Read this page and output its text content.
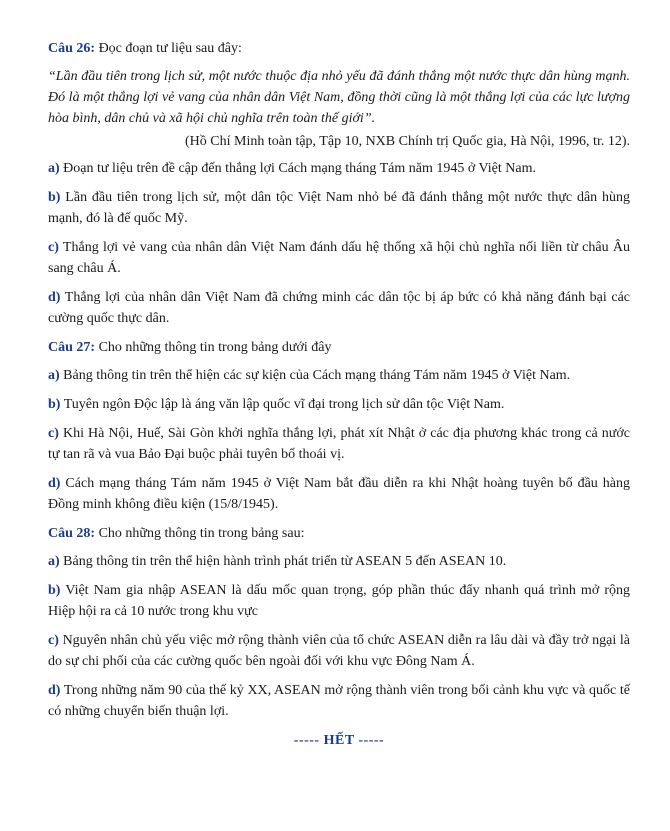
Câu 26: Đọc đoạn tư liệu sau đây:

“Lần đầu tiên trong lịch sử, một nước thuộc địa nhỏ yếu đã đánh thắng một nước thực dân hùng mạnh. Đó là một thắng lợi vẻ vang của nhân dân Việt Nam, đồng thời cũng là một thắng lợi của các lực lượng hòa bình, dân chủ và xã hội chủ nghĩa trên toàn thế giới”.

(Hồ Chí Minh toàn tập, Tập 10, NXB Chính trị Quốc gia, Hà Nội, 1996, tr. 12).

a) Đoạn tư liệu trên đề cập đến thắng lợi Cách mạng tháng Tám năm 1945 ở Việt Nam.

b) Lần đầu tiên trong lịch sử, một dân tộc Việt Nam nhỏ bé đã đánh thắng một nước thực dân hùng mạnh, đó là đế quốc Mỹ.

c) Thắng lợi vẻ vang của nhân dân Việt Nam đánh dấu hệ thống xã hội chủ nghĩa nối liền từ châu Âu sang châu Á.

d) Thắng lợi của nhân dân Việt Nam đã chứng minh các dân tộc bị áp bức có khả năng đánh bại các cường quốc thực dân.

Câu 27: Cho những thông tin trong bảng dưới đây

a) Bảng thông tin trên thể hiện các sự kiện của Cách mạng tháng Tám năm 1945 ở Việt Nam.

b) Tuyên ngôn Độc lập là áng văn lập quốc vĩ đại trong lịch sử dân tộc Việt Nam.

c) Khi Hà Nội, Huế, Sài Gòn khởi nghĩa thắng lợi, phát xít Nhật ở các địa phương khác trong cả nước tự tan rã và vua Bảo Đại buộc phải tuyên bố thoái vị.

d) Cách mạng tháng Tám năm 1945 ở Việt Nam bắt đầu diễn ra khi Nhật hoàng tuyên bố đầu hàng Đồng minh không điều kiện (15/8/1945).

Câu 28: Cho những thông tin trong bảng sau:

a) Bảng thông tin trên thể hiện hành trình phát triển từ ASEAN 5 đến ASEAN 10.

b) Việt Nam gia nhập ASEAN là dấu mốc quan trọng, góp phần thúc đẩy nhanh quá trình mở rộng Hiệp hội ra cả 10 nước trong khu vực

c) Nguyên nhân chủ yếu việc mở rộng thành viên của tổ chức ASEAN diễn ra lâu dài và đầy trở ngại là do sự chi phối của các cường quốc bên ngoài đối với khu vực Đông Nam Á.

d) Trong những năm 90 của thế kỷ XX, ASEAN mở rộng thành viên trong bối cảnh khu vực và quốc tế có những chuyển biến thuận lợi.

----- HẾT -----
